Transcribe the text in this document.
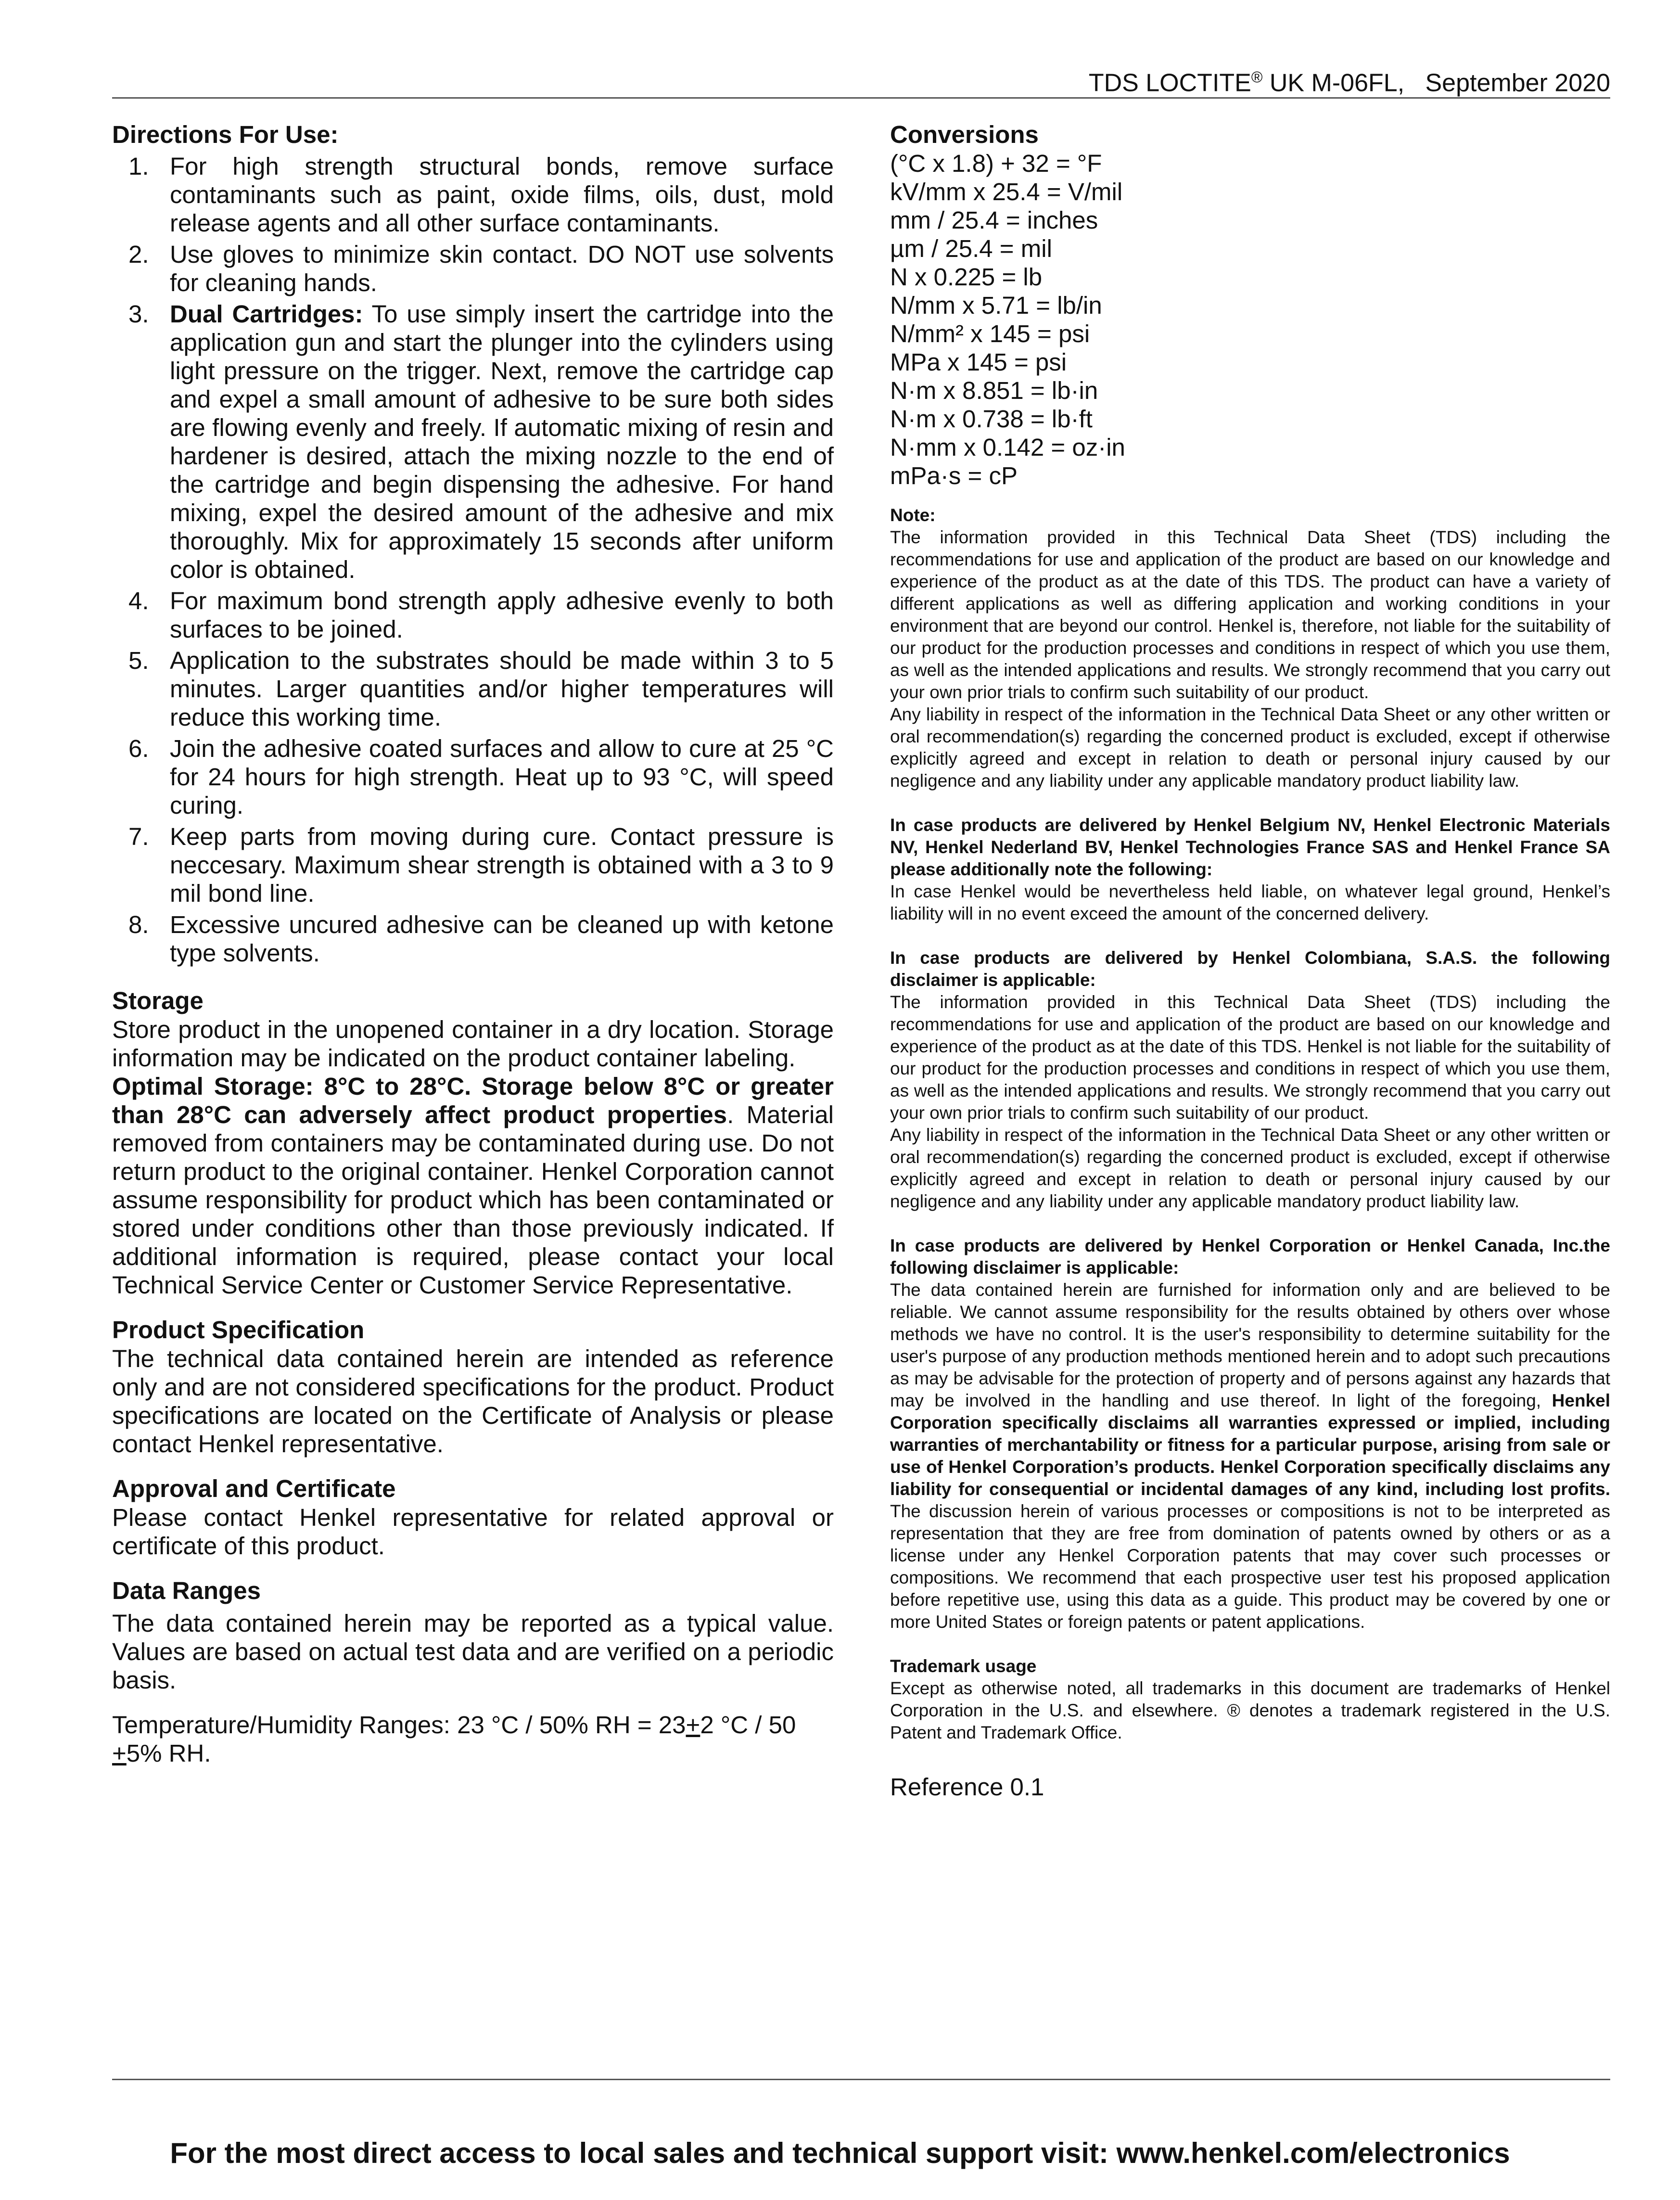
TDS LOCTITE® UK M-06FL,   September 2020

Directions For Use:

1. For high strength structural bonds, remove surface contaminants such as paint, oxide films, oils, dust, mold release agents and all other surface contaminants.
2. Use gloves to minimize skin contact. DO NOT use solvents for cleaning hands.
3. Dual Cartridges: To use simply insert the cartridge into the application gun and start the plunger into the cylinders using light pressure on the trigger. Next, remove the cartridge cap and expel a small amount of adhesive to be sure both sides are flowing evenly and freely. If automatic mixing of resin and hardener is desired, attach the mixing nozzle to the end of the cartridge and begin dispensing the adhesive. For hand mixing, expel the desired amount of the adhesive and mix thoroughly. Mix for approximately 15 seconds after uniform color is obtained.
4. For maximum bond strength apply adhesive evenly to both surfaces to be joined.
5. Application to the substrates should be made within 3 to 5 minutes. Larger quantities and/or higher temperatures will reduce this working time.
6. Join the adhesive coated surfaces and allow to cure at 25 °C for 24 hours for high strength. Heat up to 93 °C, will speed curing.
7. Keep parts from moving during cure. Contact pressure is neccesary. Maximum shear strength is obtained with a 3 to 9 mil bond line.
8. Excessive uncured adhesive can be cleaned up with ketone type solvents.

Storage

Store product in the unopened container in a dry location. Storage information may be indicated on the product container labeling.
Optimal Storage: 8°C to 28°C. Storage below 8°C or greater than 28°C can adversely affect product properties. Material removed from containers may be contaminated during use. Do not return product to the original container. Henkel Corporation cannot assume responsibility for product which has been contaminated or stored under conditions other than those previously indicated. If additional information is required, please contact your local Technical Service Center or Customer Service Representative.

Product Specification

The technical data contained herein are intended as reference only and are not considered specifications for the product. Product specifications are located on the Certificate of Analysis or please contact Henkel representative.

Approval and Certificate

Please contact Henkel representative for related approval or certificate of this product.

Data Ranges

The data contained herein may be reported as a typical value. Values are based on actual test data and are verified on a periodic basis.

Temperature/Humidity Ranges: 23 °C / 50% RH = 23+2 °C / 50
+5% RH.

Conversions

(°C x 1.8) + 32 = °F

kV/mm x 25.4 = V/mil

mm / 25.4 = inches

µm / 25.4 = mil

N x 0.225 = lb

N/mm x 5.71 = lb/in

N/mm² x 145 = psi

MPa x 145 = psi

N·m x 8.851 = lb·in

N·m x 0.738 = lb·ft

N·mm x 0.142 = oz·in

mPa·s = cP

Note:

The information provided in this Technical Data Sheet (TDS) including the recommendations for use and application of the product are based on our knowledge and experience of the product as at the date of this TDS. The product can have a variety of different applications as well as differing application and working conditions in your environment that are beyond our control. Henkel is, therefore, not liable for the suitability of our product for the production processes and conditions in respect of which you use them, as well as the intended applications and results. We strongly recommend that you carry out your own prior trials to confirm such suitability of our product.

Any liability in respect of the information in the Technical Data Sheet or any other written or oral recommendation(s) regarding the concerned product is excluded, except if otherwise explicitly agreed and except in relation to death or personal injury caused by our negligence and any liability under any applicable mandatory product liability law.

In case products are delivered by Henkel Belgium NV, Henkel Electronic Materials NV, Henkel Nederland BV, Henkel Technologies France SAS and Henkel France SA please additionally note the following:

In case Henkel would be nevertheless held liable, on whatever legal ground, Henkel’s liability will in no event exceed the amount of the concerned delivery.

In case products are delivered by Henkel Colombiana, S.A.S. the following disclaimer is applicable:

The information provided in this Technical Data Sheet (TDS) including the recommendations for use and application of the product are based on our knowledge and experience of the product as at the date of this TDS. Henkel is not liable for the suitability of our product for the production processes and conditions in respect of which you use them, as well as the intended applications and results. We strongly recommend that you carry out your own prior trials to confirm such suitability of our product.

Any liability in respect of the information in the Technical Data Sheet or any other written or oral recommendation(s) regarding the concerned product is excluded, except if otherwise explicitly agreed and except in relation to death or personal injury caused by our negligence and any liability under any applicable mandatory product liability law.

In case products are delivered by Henkel Corporation or Henkel Canada, Inc.the following disclaimer is applicable:

The data contained herein are furnished for information only and are believed to be reliable. We cannot assume responsibility for the results obtained by others over whose methods we have no control. It is the user's responsibility to determine suitability for the user's purpose of any production methods mentioned herein and to adopt such precautions as may be advisable for the protection of property and of persons against any hazards that may be involved in the handling and use thereof. In light of the foregoing, Henkel Corporation specifically disclaims all warranties expressed or implied, including warranties of merchantability or fitness for a particular purpose, arising from sale or use of Henkel Corporation’s products. Henkel Corporation specifically disclaims any liability for consequential or incidental damages of any kind, including lost profits. The discussion herein of various processes or compositions is not to be interpreted as representation that they are free from domination of patents owned by others or as a license under any Henkel Corporation patents that may cover such processes or compositions. We recommend that each prospective user test his proposed application before repetitive use, using this data as a guide. This product may be covered by one or more United States or foreign patents or patent applications.

Trademark usage

Except as otherwise noted, all trademarks in this document are trademarks of Henkel Corporation in the U.S. and elsewhere. ® denotes a trademark registered in the U.S. Patent and Trademark Office.

Reference 0.1

For the most direct access to local sales and technical support visit: www.henkel.com/electronics
